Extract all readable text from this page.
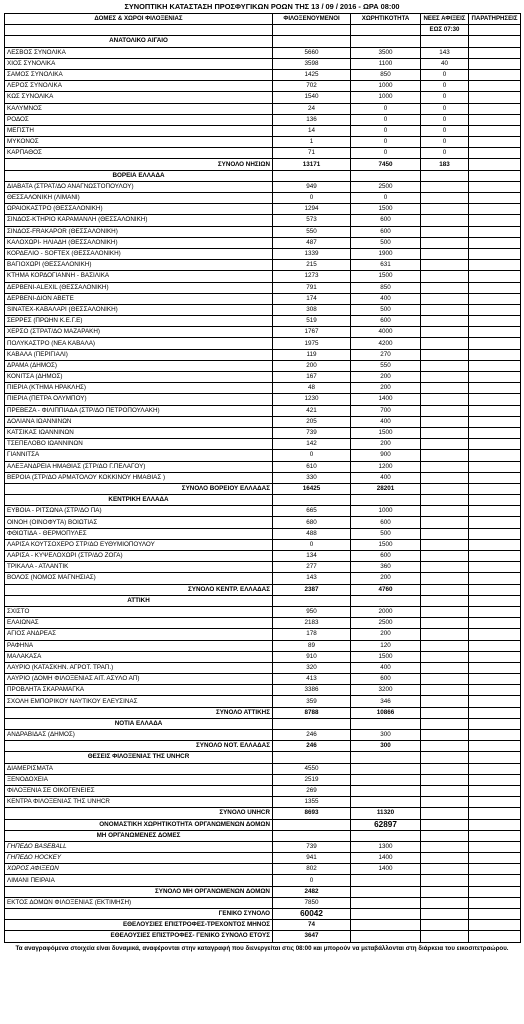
ΣΥΝΟΠΤΙΚΗ ΚΑΤΑΣΤΑΣΗ ΠΡΟΣΦΥΓΙΚΩΝ ΡΟΩΝ ΤΗΣ 13 / 09 / 2016 - ΩΡΑ 08:00
ΔΟΜΕΣ & ΧΩΡΟΙ ΦΙΛΟΞΕΝΙΑΣ	ΦΙΛΟΞΕΝΟΥΜΕΝΟΙ	ΧΩΡΗΤΙΚΟΤΗΤΑ	ΝΕΕΣ ΑΦΙΞΕΙΣ	ΠΑΡΑΤΗΡΗΣΕΙΣ
			ΕΩΣ 07:30	
ΑΝΑΤΟΛΙΚΟ ΑΙΓΑΙΟ				
ΛΕΣΒΟΣ ΣΥΝΟΛΙΚΑ	5660	3500	143	
ΧΙΟΣ ΣΥΝΟΛΙΚΑ	3598	1100	40	
ΣΑΜΟΣ ΣΥΝΟΛΙΚΑ	1425	850	0	
ΛΕΡΟΣ ΣΥΝΟΛΙΚΑ	702	1000	0	
ΚΩΣ ΣΥΝΟΛΙΚΑ	1540	1000	0	
ΚΑΛΥΜΝΟΣ	24	0	0	
ΡΟΔΟΣ	136	0	0	
ΜΕΓΙΣΤΗ	14	0	0	
ΜΥΚΟΝΟΣ	1	0	0	
ΚΑΡΠΑΘΟΣ	71	0	0	
ΣΥΝΟΛΟ ΝΗΣΙΩΝ	13171	7450	183	
ΒΟΡΕΙΑ ΕΛΛΑΔΑ				
ΔΙΑΒΑΤΑ (ΣΤΡΑΤ/ΔΟ ΑΝΑΓΝΩΣΤΟΠΟΥΛΟΥ)	949	2500		
ΘΕΣΣΑΛΟΝΙΚΗ (ΛΙΜΑΝΙ)	0	0		
ΩΡΑΙΟΚΑΣΤΡΟ (ΘΕΣΣΑΛΟΝΙΚΗ)	1294	1500		
ΣΙΝΔΟΣ-ΚΤΗΡΙΟ ΚΑΡΑΜΑΝΛΗ (ΘΕΣΣΑΛΟΝΙΚΗ)	573	600		
ΣΙΝΔΟΣ-FRAKAPOR (ΘΕΣΣΑΛΟΝΙΚΗ)	550	600		
ΚΑΛΟΧΩΡΙ- ΗΛΙΑΔΗ (ΘΕΣΣΑΛΟΝΙΚΗ)	487	500		
ΚΟΡΔΕΛΙΟ - SOFTEX (ΘΕΣΣΑΛΟΝΙΚΗ)	1339	1900		
ΒΑΓΙΟΧΩΡΙ (ΘΕΣΣΑΛΟΝΙΚΗ)	215	631		
ΚΤΗΜΑ ΚΟΡΔΟΓΙΑΝΝΗ - ΒΑΣΙΛΙΚΑ	1273	1500		
ΔΕΡΒΕΝΙ-ALEXIL (ΘΕΣΣΑΛΟΝΙΚΗ)	791	850		
ΔΕΡΒΕΝΙ-ΔΙΟΝ ΑΒΕΤΕ	174	400		
SINATEX-ΚΑΒΑΛΑΡΙ (ΘΕΣΣΑΛΟΝΙΚΗ)	308	500		
ΣΕΡΡΕΣ (ΠΡΩΗΝ Κ.Ε.Γ.Ε)	519	600		
ΧΕΡΣΟ (ΣΤΡΑΤ/ΔΟ ΜΑΖΑΡΑΚΗ)	1767	4000		
ΠΟΛΥΚΑΣΤΡΟ (ΝΕΑ ΚΑΒΑΛΑ)	1975	4200		
ΚΑΒΑΛΑ (ΠΕΡΙΓΙΑΛΙ)	119	270		
ΔΡΑΜΑ (ΔΗΜΟΣ)	200	550		
ΚΟΝΙΤΣΑ (ΔΗΜΟΣ)	167	200		
ΠΙΕΡΙΑ (ΚΤΗΜΑ ΗΡΑΚΛΗΣ)	48	200		
ΠΙΕΡΙΑ (ΠΕΤΡΑ ΟΛΥΜΠΟΥ)	1230	1400		
ΠΡΕΒΕΖΑ - ΦΙΛΙΠΠΙΑΔΑ (ΣΤΡ/ΔΟ ΠΕΤΡΟΠΟΥΛΑΚΗ)	421	700		
ΔΟΛΙΑΝΑ ΙΩΑΝΝΙΝΩΝ	205	400		
ΚΑΤΣΙΚΑΣ ΙΩΑΝΝΙΝΩΝ	739	1500		
ΤΣΕΠΕΛΟΒΟ ΙΩΑΝΝΙΝΩΝ	142	200		
ΓΙΑΝΝΙΤΣΑ	0	900		
ΑΛΕΞΑΝΔΡΕΙΑ ΗΜΑΘΙΑΣ (ΣΤΡ/ΔΟ Γ.ΠΕΛΑΓΟΥ)	610	1200		
ΒΕΡΟΙΑ (ΣΤΡ/ΔΟ ΑΡΜΑΤΟΛΟΥ ΚΟΚΚΙΝΟΥ ΗΜΑΘΙΑΣ )	330	400		
ΣΥΝΟΛΟ ΒΟΡΕΙΟΥ ΕΛΛΑΔΑΣ	16425	28201		
ΚΕΝΤΡΙΚΗ ΕΛΛΑΔΑ				
ΕΥΒΟΙΑ - ΡΙΤΣΩΝΑ (ΣΤΡ/ΔΟ ΠΑ)	665	1000		
ΟΙΝΟΗ (ΟΙΝΟΦΥΤΑ) ΒΟΙΩΤΙΑΣ	680	600		
ΦΘΙΩΤΙΔΑ - ΘΕΡΜΟΠΥΛΕΣ	488	500		
ΛΑΡΙΣΑ ΚΟΥΤΣΟΧΕΡΟ ΣΤΡ/ΔΟ ΕΥΘΥΜΙΟΠΟΥΛΟΥ	0	1500		
ΛΑΡΙΣΑ - ΚΥΨΕΛΟΧΩΡΙ (ΣΤΡ/ΔΟ ΖΟΓΑ)	134	600		
ΤΡΙΚΑΛΑ - ΑΤΛΑΝΤΙΚ	277	360		
ΒΟΛΟΣ (ΝΟΜΟΣ ΜΑΓΝΗΣΙΑΣ)	143	200		
ΣΥΝΟΛΟ ΚΕΝΤΡ. ΕΛΛΑΔΑΣ	2387	4760		
ΑΤΤΙΚΗ				
ΣΧΙΣΤΟ	950	2000		
ΕΛΑΙΩΝΑΣ	2183	2500		
ΑΓΙΟΣ ΑΝΔΡΕΑΣ	178	200		
ΡΑΦΗΝΑ	89	120		
ΜΑΛΑΚΑΣΑ	910	1500		
ΛΑΥΡΙΟ (ΚΑΤΑΣΚΗΝ. ΑΓΡΟΤ. ΤΡΑΠ.)	320	400		
ΛΑΥΡΙΟ (ΔΟΜΗ ΦΙΛΟΞΕΝΙΑΣ ΑΙΤ. ΑΣΥΛΟ ΑΠ)	413	600		
ΠΡΟΒΛΗΤΑ ΣΚΑΡΑΜΑΓΚΑ	3386	3200		
ΣΧΟΛΗ ΕΜΠΟΡΙΚΟΥ ΝΑΥΤΙΚΟΥ ΕΛΕΥΣΙΝΑΣ	359	346		
ΣΥΝΟΛΟ ΑΤΤΙΚΗΣ	8788	10866		
ΝΟΤΙΑ ΕΛΛΑΔΑ				
ΑΝΔΡΑΒΙΔΑΣ (ΔΗΜΟΣ)	246	300		
ΣΥΝΟΛΟ ΝΟΤ. ΕΛΛΑΔΑΣ	246	300		
ΘΕΣΕΙΣ ΦΙΛΟΞΕΝΙΑΣ ΤΗΣ UNHCR				
ΔΙΑΜΕΡΙΣΜΑΤΑ	4550			
ΞΕΝΟΔΟΧΕΙΑ	2519			
ΦΙΛΟΞΕΝΙΑ ΣΕ ΟΙΚΟΓΕΝΕΙΕΣ	269			
ΚΕΝΤΡΑ ΦΙΛΟΞΕΝΙΑΣ ΤΗΣ UNHCR	1355			
ΣΥΝΟΛΟ UNHCR	8693	11320		
ΟΝΟΜΑΣΤΙΚΗ ΧΩΡΗΤΙΚΟΤΗΤΑ ΟΡΓΑΝΩΜΕΝΩΝ ΔΟΜΩΝ		62897		
ΜΗ ΟΡΓΑΝΩΜΕΝΕΣ ΔΟΜΕΣ				
ΓΗΠΕΔΟ BASEBALL	739	1300		
ΓΗΠΕΔΟ HOCKEY	941	1400		
ΧΩΡΟΣ ΑΦΙΞΕΩΝ	802	1400		
ΛΙΜΑΝΙ ΠΕΙΡΑΙΑ	0			
ΣΥΝΟΛΟ ΜΗ ΟΡΓΑΝΩΜΕΝΩΝ ΔΟΜΩΝ	2482			
ΕΚΤΟΣ ΔΟΜΩΝ ΦΙΛΟΞΕΝΙΑΣ (ΕΚΤΙΜΗΣΗ)	7850			
ΓΕΝΙΚΟ ΣΥΝΟΛΟ	60042			
ΕΘΕΛΟΥΣΙΕΣ ΕΠΙΣΤΡΟΦΕΣ-ΤΡΕΧΟΝΤΟΣ ΜΗΝΟΣ	74			
ΕΘΕΛΟΥΣΙΕΣ ΕΠΙΣΤΡΟΦΕΣ- ΓΕΝΙΚΟ ΣΥΝΟΛΟ ΕΤΟΥΣ	3647			
Τα αναγραφόμενα στοιχεία είναι δυναμικά, αναφέρονται στην καταγραφή που διενεργείται στις 08:00 και μπορούν να μεταβάλλονται στη διάρκεια του εικοσιτετραώρου.
